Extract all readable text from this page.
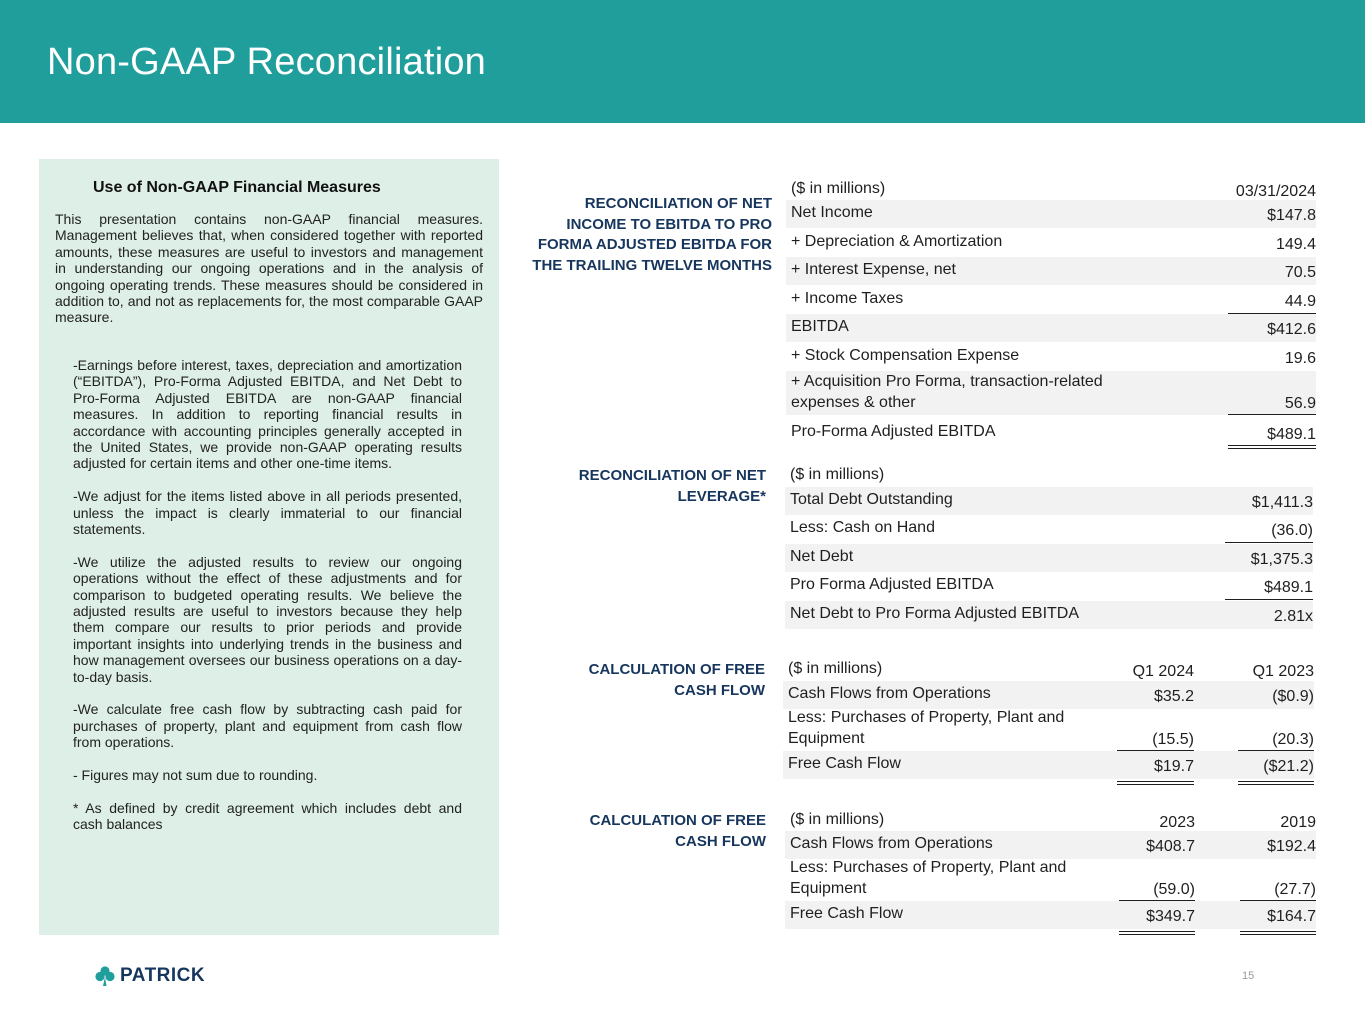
Non-GAAP Reconciliation
Use of Non-GAAP Financial Measures
This presentation contains non-GAAP financial measures. Management believes that, when considered together with reported amounts, these measures are useful to investors and management in understanding our ongoing operations and in the analysis of ongoing operating trends. These measures should be considered in addition to, and not as replacements for, the most comparable GAAP measure.

-Earnings before interest, taxes, depreciation and amortization (“EBITDA”), Pro-Forma Adjusted EBITDA, and Net Debt to Pro-Forma Adjusted EBITDA are non-GAAP financial measures. In addition to reporting financial results in accordance with accounting principles generally accepted in the United States, we provide non-GAAP operating results adjusted for certain items and other one-time items.

-We adjust for the items listed above in all periods presented, unless the impact is clearly immaterial to our financial statements.

-We utilize the adjusted results to review our ongoing operations without the effect of these adjustments and for comparison to budgeted operating results. We believe the adjusted results are useful to investors because they help them compare our results to prior periods and provide important insights into underlying trends in the business and how management oversees our business operations on a day-to-day basis.

-We calculate free cash flow by subtracting cash paid for purchases of property, plant and equipment from cash flow from operations.

- Figures may not sum due to rounding.

* As defined by credit agreement which includes debt and cash balances

RECONCILIATION OF NET INCOME TO EBITDA TO PRO FORMA ADJUSTED EBITDA FOR THE TRAILING TWELVE MONTHS
($ in millions)	03/31/2024
Net Income	$147.8
+ Depreciation & Amortization	149.4
+ Interest Expense, net	70.5
+ Income Taxes	44.9
EBITDA	$412.6
+ Stock Compensation Expense	19.6
+ Acquisition Pro Forma, transaction-related expenses & other	56.9
Pro-Forma Adjusted EBITDA	$489.1
RECONCILIATION OF NET LEVERAGE*
($ in millions)
Total Debt Outstanding	$1,411.3
Less: Cash on Hand	(36.0)
Net Debt	$1,375.3
Pro Forma Adjusted EBITDA	$489.1
Net Debt to Pro Forma Adjusted EBITDA	2.81x
CALCULATION OF FREE CASH FLOW
($ in millions)	Q1 2024	Q1 2023
Cash Flows from Operations	$35.2	($0.9)
Less: Purchases of Property, Plant and Equipment	(15.5)	(20.3)
Free Cash Flow	$19.7	($21.2)
CALCULATION OF FREE CASH FLOW
($ in millions)	2023	2019
Cash Flows from Operations	$408.7	$192.4
Less: Purchases of Property, Plant and Equipment	(59.0)	(27.7)
Free Cash Flow	$349.7	$164.7
PATRICK	15
